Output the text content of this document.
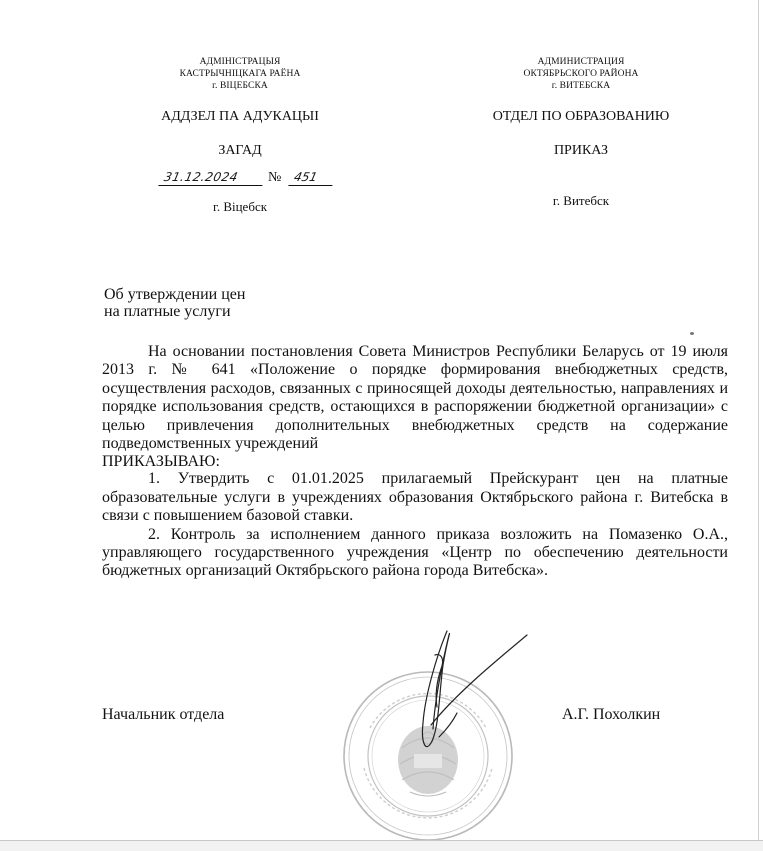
АДМІНІСТРАЦЫЯ
КАСТРЫЧНІЦКАГА РАЁНА
г. ВІЦЕБСКА
АДДЗЕЛ ПА АДУКАЦЫІ
ЗАГАД
АДМИНИСТРАЦИЯ
ОКТЯБРЬСКОГО РАЙОНА
г. ВИТЕБСКА
ОТДЕЛ ПО ОБРАЗОВАНИЮ
ПРИКАЗ
31.12.2024	№ 451
г. Віцебск	г. Витебск
Об утверждении цен
на платные услуги

На основании постановления Совета Министров Республики Беларусь от 19 июля 2013 г. № 641 «Положение о порядке формирования внебюджетных средств, осуществления расходов, связанных с приносящей доходы деятельностью, направлениях и порядке использования средств, остающихся в распоряжении бюджетной организации» с целью привлечения дополнительных внебюджетных средств на содержание подведомственных учреждений

ПРИКАЗЫВАЮ:

1. Утвердить с 01.01.2025 прилагаемый Прейскурант цен на платные образовательные услуги в учреждениях образования Октябрьского района г. Витебска в связи с повышением базовой ставки.

2. Контроль за исполнением данного приказа возложить на Помазенко О.А., управляющего государственного учреждения «Центр по обеспечению деятельности бюджетных организаций Октябрьского района города Витебска».

Начальник отдела	А.Г. Похолкин
